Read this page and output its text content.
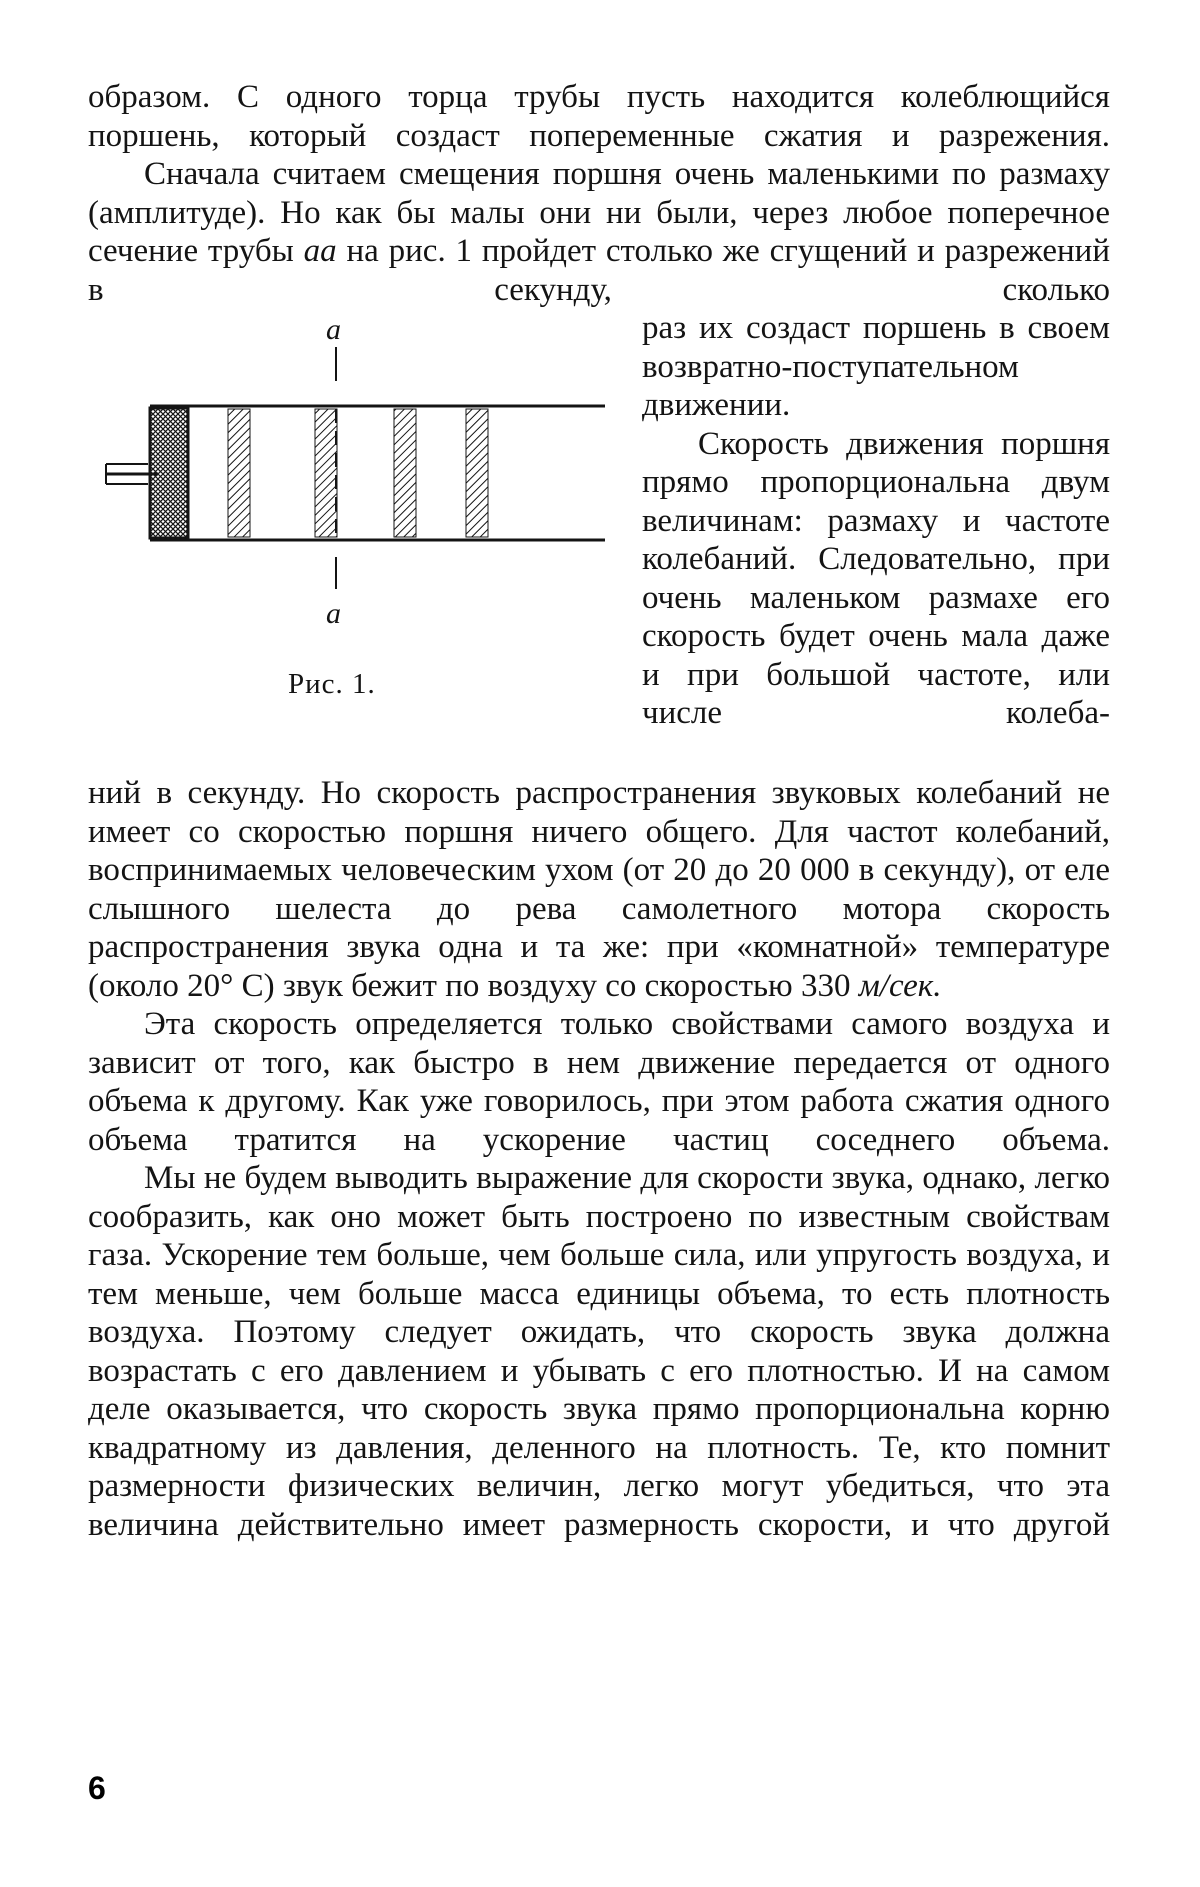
образом. С одного торца трубы пусть находится колеблющийся поршень, который создаст попеременные сжатия и разрежения.

Сначала считаем смещения поршня очень маленькими по размаху (амплитуде). Но как бы малы они ни были, через любое поперечное сечение трубы аа на рис. 1 пройдет столько же сгущений и разрежений в секунду, сколько

a
a
Рис. 1.

раз их создаст поршень в своем возвратно-поступательном движении.

Скорость движения поршня прямо пропорциональна двум величинам: размаху и частоте колебаний. Следовательно, при очень маленьком размахе его скорость будет очень мала даже и при большой частоте, или числе колеба-

ний в секунду. Но скорость распространения звуковых колебаний не имеет со скоростью поршня ничего общего. Для частот колебаний, воспринимаемых человеческим ухом (от 20 до 20 000 в секунду), от еле слышного шелеста до рева самолетного мотора скорость распространения звука одна и та же: при «комнатной» температуре (около 20° С) звук бежит по воздуху со скоростью 330 м/сек.

Эта скорость определяется только свойствами самого воздуха и зависит от того, как быстро в нем движение передается от одного объема к другому. Как уже говорилось, при этом работа сжатия одного объема тратится на ускорение частиц соседнего объема.

Мы не будем выводить выражение для скорости звука, однако, легко сообразить, как оно может быть построено по известным свойствам газа. Ускорение тем больше, чем больше сила, или упругость воздуха, и тем меньше, чем больше масса единицы объема, то есть плотность воздуха. Поэтому следует ожидать, что скорость звука должна возрастать с его давлением и убывать с его плотностью. И на самом деле оказывается, что скорость звука прямо пропорциональна корню квадратному из давления, деленного на плотность. Те, кто помнит размерности физических величин, легко могут убедиться, что эта величина действительно имеет размерность скорости, и что другой

6
